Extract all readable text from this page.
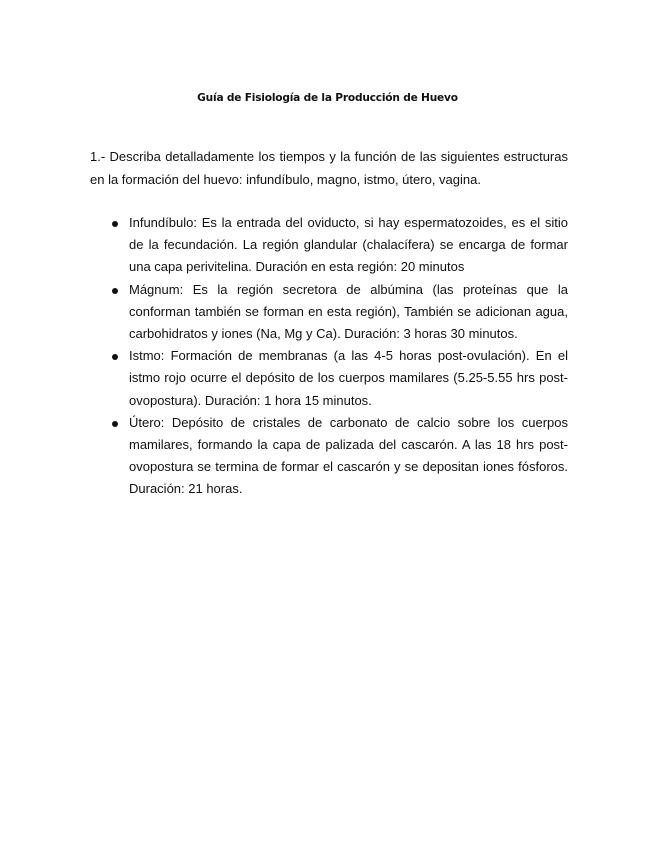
Guía de Fisiología de la Producción de Huevo

1.- Describa detalladamente los tiempos y la función de las siguientes estructuras en la formación del huevo: infundíbulo, magno, istmo, útero, vagina.

Infundíbulo: Es la entrada del oviducto, si hay espermatozoides, es el sitio de la fecundación. La región glandular (chalacífera) se encarga de formar una capa perivitelina. Duración en esta región: 20 minutos
Mágnum: Es la región secretora de albúmina (las proteínas que la conforman también se forman en esta región), También se adicionan agua, carbohidratos y iones (Na, Mg y Ca). Duración: 3 horas 30 minutos.
Istmo: Formación de membranas (a las 4-5 horas post-ovulación). En el istmo rojo ocurre el depósito de los cuerpos mamilares (5.25-5.55 hrs post-ovopostura). Duración: 1 hora 15 minutos.
Útero: Depósito de cristales de carbonato de calcio sobre los cuerpos mamilares, formando la capa de palizada del cascarón. A las 18 hrs post-ovopostura se termina de formar el cascarón y se depositan iones fósforos. Duración: 21 horas.
